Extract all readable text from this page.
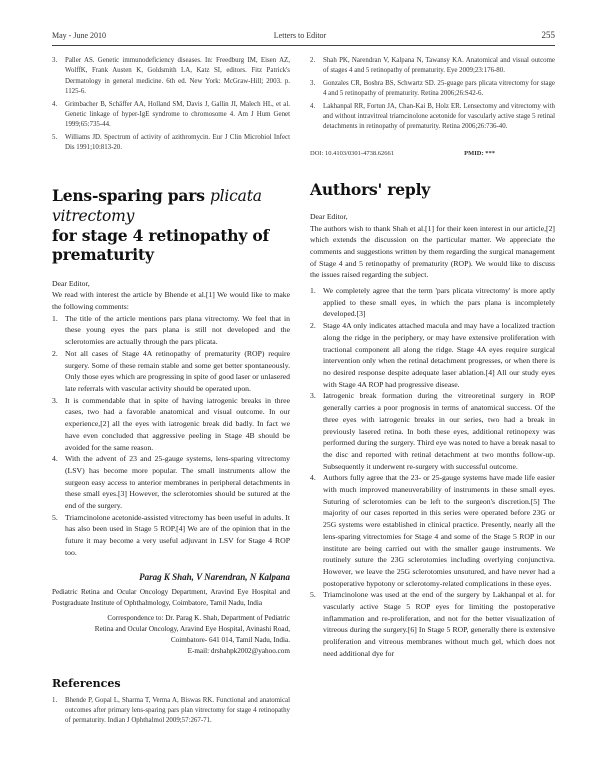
May - June 2010	Letters to Editor	255
3.	Paller AS. Genetic immunodeficiency diseases. In: Freedburg IM, Eisen AZ, WolffK, Frank Austen K, Goldsmith LA, Katz SI, editors. Fitz Patrick's Dermatology in general medicine. 6th ed. New York: McGraw-Hill; 2003. p. 1125-6.
4.	Grimbacher B, Schäffer AA, Holland SM, Davis J, Gallin JI, Malech HL, et al. Genetic linkage of hyper-IgE syndrome to chromosome 4. Am J Hum Genet 1999;65:735-44.
5.	Williams JD. Spectrum of activity of azithromycin. Eur J Clin Microbiol Infect Dis 1991;10:813-20.
Lens-sparing pars plicata vitrectomy
for stage 4 retinopathy of prematurity
Dear Editor,
We read with interest the article by Bhende et al.[1] We would like to make the following comments:
1. The title of the article mentions pars plana vitrectomy. We feel that in these young eyes the pars plana is still not developed and the sclerotomies are actually through the pars plicata.
2. Not all cases of Stage 4A retinopathy of prematurity (ROP) require surgery. Some of these remain stable and some get better spontaneously. Only those eyes which are progressing in spite of good laser or unlasered late referrals with vascular activity should be operated upon.
3. It is commendable that in spite of having iatrogenic breaks in three cases, two had a favorable anatomical and visual outcome. In our experience,[2] all the eyes with iatrogenic break did badly. In fact we have even concluded that aggressive peeling in Stage 4B should be avoided for the same reason.
4. With the advent of 23 and 25-gauge systems, lens-sparing vitrectomy (LSV) has become more popular. The small instruments allow the surgeon easy access to anterior membranes in peripheral detachments in these small eyes.[3] However, the sclerotomies should be sutured at the end of the surgery.
5. Triamcinolone acetonide-assisted vitrectomy has been useful in adults. It has also been used in Stage 5 ROP.[4] We are of the opinion that in the future it may become a very useful adjuvant in LSV for Stage 4 ROP too.
Parag K Shah, V Narendran, N Kalpana
Pediatric Retina and Ocular Oncology Department, Aravind Eye Hospital and Postgraduate Institute of Ophthalmology, Coimbatore, Tamil Nadu, India
Correspondence to: Dr. Parag K. Shah, Department of Pediatric
Retina and Ocular Oncology, Aravind Eye Hospital, Avinashi Road,
Coimbatore- 641 014, Tamil Nadu, India.
E-mail: drshahpk2002@yahoo.com
References
1.	Bhende P, Gopal L, Sharma T, Verma A, Biswas RK. Functional and anatomical outcomes after primary lens-sparing pars plan vitrectomy for stage 4 retinopathy of permaturity. Indian J Ophthalmol 2009;57:267-71.
2.	Shah PK, Narendran V, Kalpana N, Tawansy KA. Anatomical and visual outcome of stages 4 and 5 retinopathy of prematurity. Eye 2009;23:176-80.
3.	Gonzales CR, Boshra BS, Schwartz SD. 25-guage pars plicata vitrectomy for stage 4 and 5 retinopathy of prematurity. Retina 2006;26:S42-6.
4.	Lakhanpal RR, Fortun JA, Chan-Kai B, Holz ER. Lensectomy and vitrectomy with and without intravitreal triamcinolone acetonide for vascularly active stage 5 retinal detachments in retinopathy of prematurity. Retina 2006;26:736-40.
DOI: 10.4103/0301-4738.62661	PMID: ***
Authors' reply
Dear Editor,
The authors wish to thank Shah et al.[1] for their keen interest in our article,[2] which extends the discussion on the particular matter. We appreciate the comments and suggestions written by them regarding the surgical management of Stage 4 and 5 retinopathy of prematurity (ROP). We would like to discuss the issues raised regarding the subject.
1. We completely agree that the term 'pars plicata vitrectomy' is more aptly applied to these small eyes, in which the pars plana is incompletely developed.[3]
2. Stage 4A only indicates attached macula and may have a localized traction along the ridge in the periphery, or may have extensive proliferation with tractional component all along the ridge. Stage 4A eyes require surgical intervention only when the retinal detachment progresses, or when there is no desired response despite adequate laser ablation.[4] All our study eyes with Stage 4A ROP had progressive disease.
3. Iatrogenic break formation during the vitreoretinal surgery in ROP generally carries a poor prognosis in terms of anatomical success. Of the three eyes with iatrogenic breaks in our series, two had a break in previously lasered retina. In both these eyes, additional retinopexy was performed during the surgery. Third eye was noted to have a break nasal to the disc and reported with retinal detachment at two months follow-up. Subsequently it underwent re-surgery with successful outcome.
4. Authors fully agree that the 23- or 25-gauge systems have made life easier with much improved maneuverability of instruments in these small eyes. Suturing of sclerotomies can be left to the surgeon's discretion.[5] The majority of our cases reported in this series were operated before 23G or 25G systems were established in clinical practice. Presently, nearly all the lens-sparing vitrectomies for Stage 4 and some of the Stage 5 ROP in our institute are being carried out with the smaller gauge instruments. We routinely suture the 23G sclerotomies including overlying conjunctiva. However, we leave the 25G sclerotomies unsutured, and have never had a postoperative hypotony or sclerotomy-related complications in these eyes.
5. Triamcinolone was used at the end of the surgery by Lakhanpal et al. for vascularly active Stage 5 ROP eyes for limiting the postoperative inflammation and re-proliferation, and not for the better visualization of vitreous during the surgery.[6] In Stage 5 ROP, generally there is extensive proliferation and vitreous membranes without much gel, which does not need additional dye for
